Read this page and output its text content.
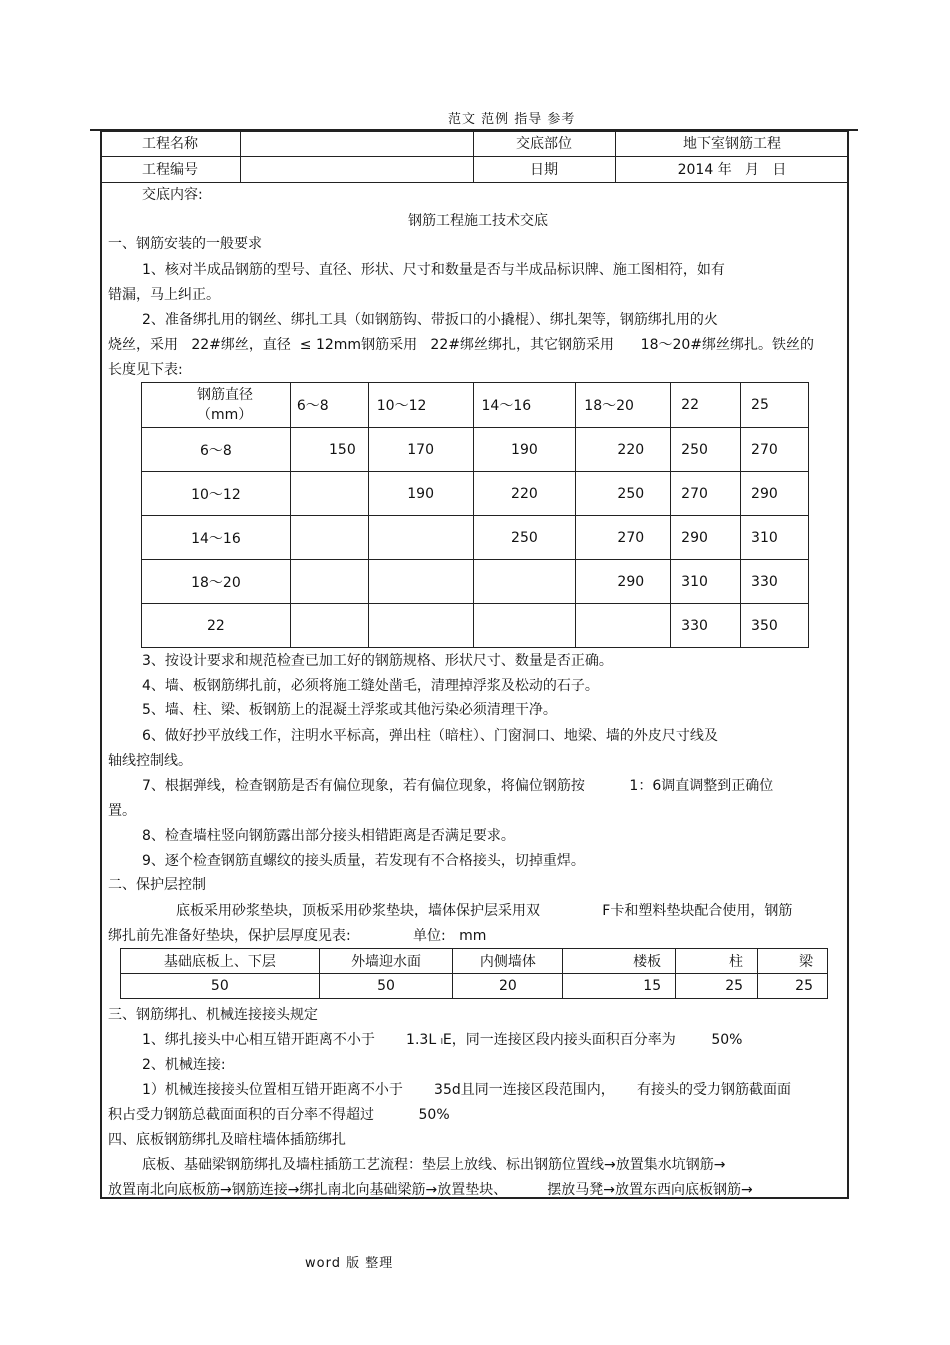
范文 范例 指导 参考
工程名称	交底部位	地下室钢筋工程
工程编号	日期	2014 年   月   日
交底内容:
钢筋工程施工技术交底
一、钢筋安装的一般要求
1、核对半成品钢筋的型号、直径、形状、尺寸和数量是否与半成品标识牌、施工图相符，如有
错漏，马上纠正。
2、准备绑扎用的钢丝、绑扎工具（如钢筋钩、带扳口的小撬棍）、绑扎架等，钢筋绑扎用的火
烧丝，采用   22#绑丝，直径  ≤ 12mm钢筋采用   22#绑丝绑扎，其它钢筋采用      18～20#绑丝绑扎。铁丝的
长度见下表:
钢筋直径
（mm）	6～8	10～12	14～16	18～20	22	25
6～8	150	170	190	220	250	270
10～12		190	220	250	270	290
14～16			250	270	290	310
18～20				290	310	330
22					330	350
3、按设计要求和规范检查已加工好的钢筋规格、形状尺寸、数量是否正确。
4、墙、板钢筋绑扎前，必须将施工缝处凿毛，清理掉浮浆及松动的石子。
5、墙、柱、梁、板钢筋上的混凝土浮浆或其他污染必须清理干净。
6、做好抄平放线工作，注明水平标高，弹出柱（暗柱）、门窗洞口、地梁、墙的外皮尺寸线及
轴线控制线。
7、根据弹线，检查钢筋是否有偏位现象，若有偏位现象，将偏位钢筋按          1：6调直调整到正确位
置。
8、检查墙柱竖向钢筋露出部分接头相错距离是否满足要求。
9、逐个检查钢筋直螺纹的接头质量，若发现有不合格接头，切掉重焊。
二、保护层控制
底板采用砂浆垫块，顶板采用砂浆垫块，墙体保护层采用双              F卡和塑料垫块配合使用，钢筋
绑扎前先准备好垫块，保护层厚度见表:              单位:   mm
基础底板上、下层	外墙迎水面	内侧墙体	楼板	柱	梁
50	50	20	15	25	25
三、钢筋绑扎、机械连接接头规定
1、绑扎接头中心相互错开距离不小于       1.3L ₗE，同一连接区段内接头面积百分率为        50%
2、机械连接:
1）机械连接接头位置相互错开距离不小于       35d且同一连接区段范围内，     有接头的受力钢筋截面面
积占受力钢筋总截面面积的百分率不得超过          50%
四、底板钢筋绑扎及暗柱墙体插筋绑扎
底板、基础梁钢筋绑扎及墙柱插筋工艺流程：垫层上放线、标出钢筋位置线→放置集水坑钢筋→
放置南北向底板筋→钢筋连接→绑扎南北向基础梁筋→放置垫块、         摆放马凳→放置东西向底板钢筋→
word 版 整理
